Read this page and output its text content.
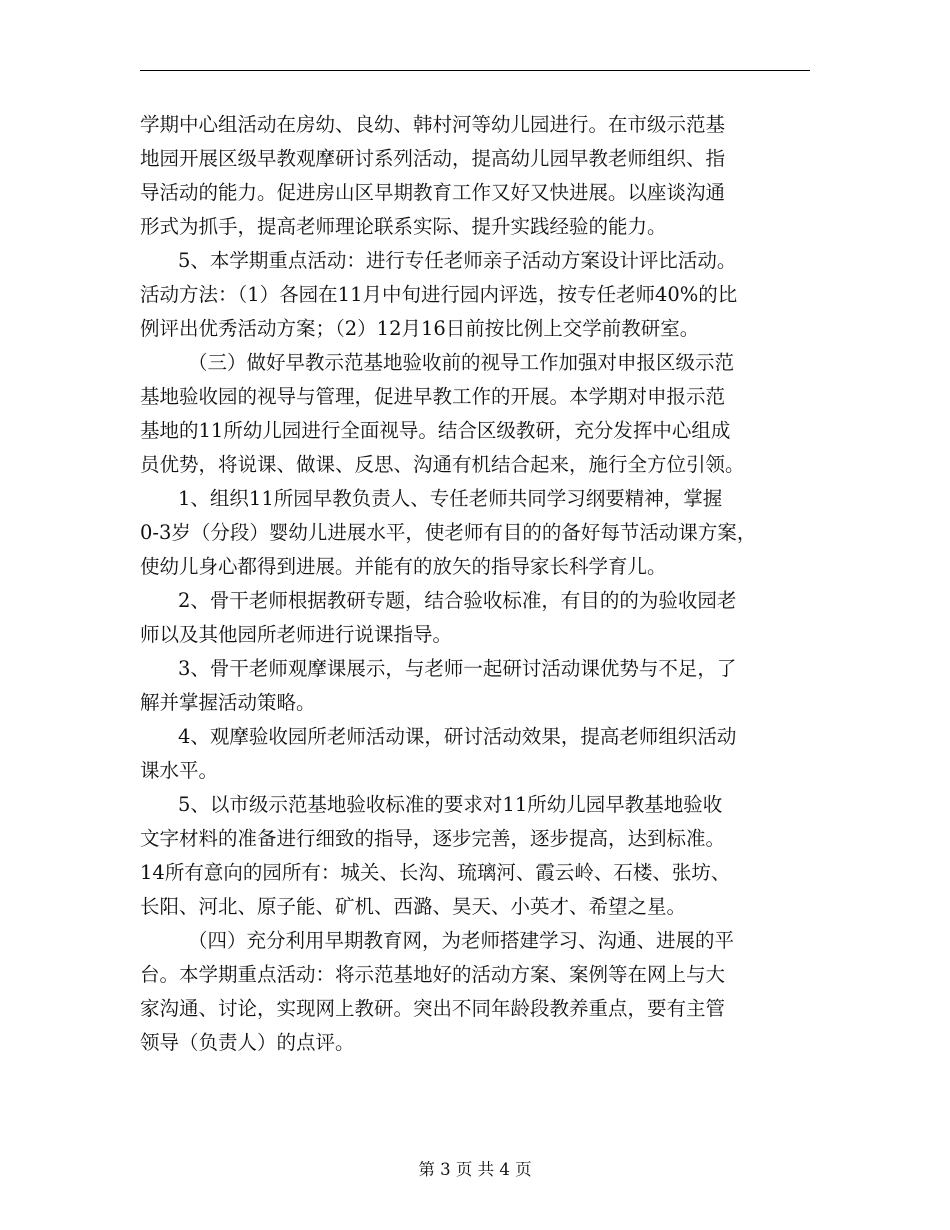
学期中心组活动在房幼、良幼、韩村河等幼儿园进行。在市级示范基
地园开展区级早教观摩研讨系列活动，提高幼儿园早教老师组织、指
导活动的能力。促进房山区早期教育工作又好又快进展。以座谈沟通
形式为抓手，提高老师理论联系实际、提升实践经验的能力。
5、本学期重点活动：进行专任老师亲子活动方案设计评比活动。
活动方法：（1）各园在11月中旬进行园内评选，按专任老师40%的比
例评出优秀活动方案；（2）12月16日前按比例上交学前教研室。
（三）做好早教示范基地验收前的视导工作加强对申报区级示范
基地验收园的视导与管理，促进早教工作的开展。本学期对申报示范
基地的11所幼儿园进行全面视导。结合区级教研，充分发挥中心组成
员优势，将说课、做课、反思、沟通有机结合起来，施行全方位引领。
1、组织11所园早教负责人、专任老师共同学习纲要精神，掌握
0-3岁（分段）婴幼儿进展水平，使老师有目的的备好每节活动课方案，
使幼儿身心都得到进展。并能有的放矢的指导家长科学育儿。
2、骨干老师根据教研专题，结合验收标准，有目的的为验收园老
师以及其他园所老师进行说课指导。
3、骨干老师观摩课展示，与老师一起研讨活动课优势与不足，了
解并掌握活动策略。
4、观摩验收园所老师活动课，研讨活动效果，提高老师组织活动
课水平。
5、以市级示范基地验收标准的要求对11所幼儿园早教基地验收
文字材料的准备进行细致的指导，逐步完善，逐步提高，达到标准。
14所有意向的园所有：城关、长沟、琉璃河、霞云岭、石楼、张坊、
长阳、河北、原子能、矿机、西潞、昊天、小英才、希望之星。
（四）充分利用早期教育网，为老师搭建学习、沟通、进展的平
台。本学期重点活动：将示范基地好的活动方案、案例等在网上与大
家沟通、讨论，实现网上教研。突出不同年龄段教养重点，要有主管
领导（负责人）的点评。
第 3 页 共 4 页
